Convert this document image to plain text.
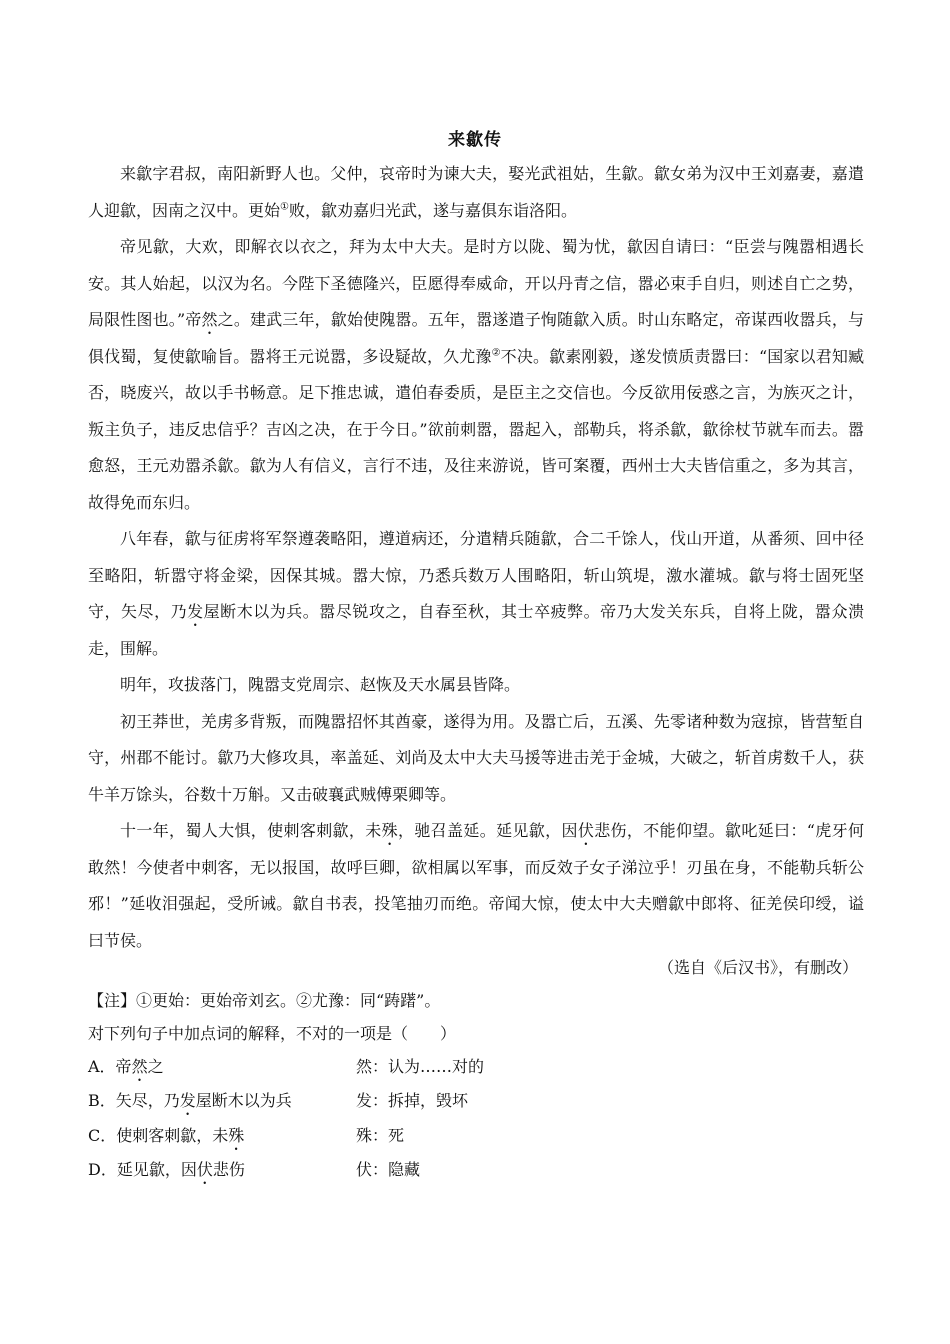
来歙传

来歙字君叔，南阳新野人也。父仲，哀帝时为谏大夫，娶光武祖姑，生歙。歙女弟为汉中王刘嘉妻，嘉遣人迎歙，因南之汉中。更始①败，歙劝嘉归光武，遂与嘉俱东诣洛阳。

帝见歙，大欢，即解衣以衣之，拜为太中大夫。是时方以陇、蜀为忧，歙因自请曰：“臣尝与隗嚣相遇长安。其人始起，以汉为名。今陛下圣德隆兴，臣愿得奉威命，开以丹青之信，嚣必束手自归，则述自亡之势，局限性图也。”帝然之。建武三年，歙始使隗嚣。五年，嚣遂遣子恂随歙入质。时山东略定，帝谋西收嚣兵，与俱伐蜀，复使歙喻旨。嚣将王元说嚣，多设疑故，久尤豫②不决。歙素刚毅，遂发愤质责嚣曰：“国家以君知臧否，晓废兴，故以手书畅意。足下推忠诚，遣伯春委质，是臣主之交信也。今反欲用佞惑之言，为族灭之计，叛主负子，违反忠信乎？吉凶之决，在于今日。”欲前刺嚣，嚣起入，部勒兵，将杀歙，歙徐杖节就车而去。嚣愈怒，王元劝嚣杀歙。歙为人有信义，言行不违，及往来游说，皆可案覆，西州士大夫皆信重之，多为其言，故得免而东归。

八年春，歙与征虏将军祭遵袭略阳，遵道病还，分遣精兵随歙，合二千馀人，伐山开道，从番须、回中径至略阳，斩嚣守将金梁，因保其城。嚣大惊，乃悉兵数万人围略阳，斩山筑堤，激水灌城。歙与将士固死坚守，矢尽，乃发屋断木以为兵。嚣尽锐攻之，自春至秋，其士卒疲弊。帝乃大发关东兵，自将上陇，嚣众溃走，围解。

明年，攻拔落门，隗嚣支党周宗、赵恢及天水属县皆降。

初王莽世，羌虏多背叛，而隗嚣招怀其酋豪，遂得为用。及嚣亡后，五溪、先零诸种数为寇掠，皆营堑自守，州郡不能讨。歙乃大修攻具，率盖延、刘尚及太中大夫马援等进击羌于金城，大破之，斩首虏数千人，获牛羊万馀头，谷数十万斛。又击破襄武贼傅栗卿等。

十一年，蜀人大惧，使刺客刺歙，未殊，驰召盖延。延见歙，因伏悲伤，不能仰望。歙叱延曰：“虎牙何敢然！今使者中刺客，无以报国，故呼巨卿，欲相属以军事，而反效子女子涕泣乎！刃虽在身，不能勒兵斩公邪！”延收泪强起，受所诫。歙自书表，投笔抽刃而绝。帝闻大惊，使太中大夫赠歙中郎将、征羌侯印绶，谥曰节侯。

（选自《后汉书》，有删改）
【注】①更始：更始帝刘玄。②尤豫：同“踌躇”。
对下列句子中加点词的解释，不对的一项是（　　）
A．帝然之	然：认为……对的
B．矢尽，乃发屋断木以为兵	发：拆掉，毁坏
C．使刺客刺歙，未殊	殊：死
D．延见歙，因伏悲伤	伏：隐藏
